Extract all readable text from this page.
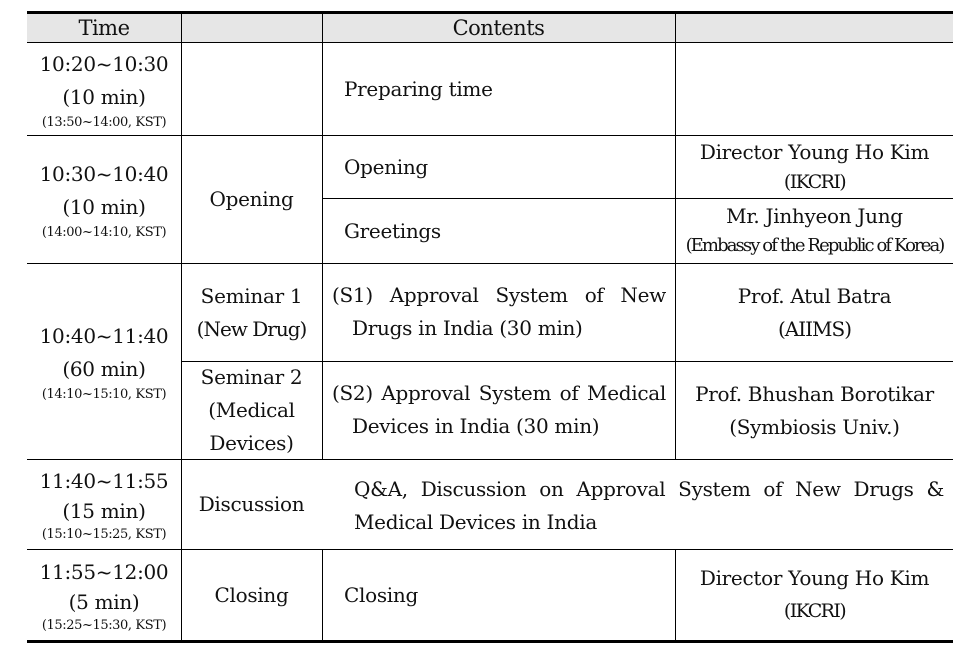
Time	Contents
10:20~10:30
(10 min)
(13:50~14:00, KST)
Preparing time
10:30~10:40
(10 min)
(14:00~14:10, KST)
Opening
Opening
Director Young Ho Kim
(IKCRI)
Greetings
Mr. Jinhyeon Jung
(Embassy of the Republic of Korea)
10:40~11:40
(60 min)
(14:10~15:10, KST)
Seminar 1
(New Drug)
(S1) Approval System of New
Drugs in India (30 min)
Prof. Atul Batra
(AIIMS)
Seminar 2
(Medical
Devices)
(S2) Approval System of Medical
Devices in India (30 min)
Prof. Bhushan Borotikar
(Symbiosis Univ.)
11:40~11:55
(15 min)
(15:10~15:25, KST)
Discussion
Q&A, Discussion on Approval System of New Drugs &
Medical Devices in India
11:55~12:00
(5 min)
(15:25~15:30, KST)
Closing	Closing
Director Young Ho Kim
(IKCRI)
